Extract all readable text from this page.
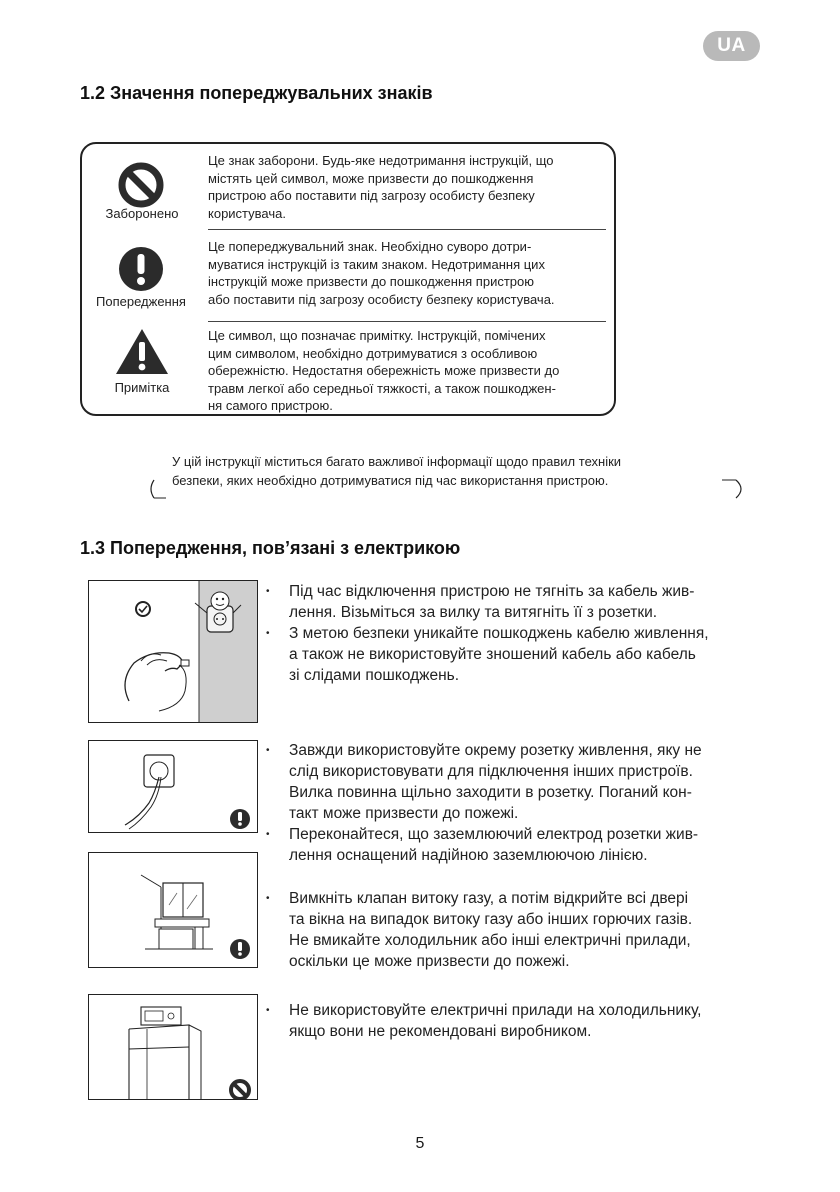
UA
1.2 Значення попереджувальних знаків
Заборонено
Це знак заборони. Будь-яке недотримання інструкцій, що
містять цей символ, може призвести до пошкодження
пристрою або поставити під загрозу особисту безпеку
користувача.
Попередження
Це попереджувальний знак. Необхідно суворо дотри-
муватися інструкцій із таким знаком. Недотримання цих
інструкцій може призвести до пошкодження пристрою
або поставити під загрозу особисту безпеку користувача.
Примітка
Це символ, що позначає примітку. Інструкцій, помічених
цим символом, необхідно дотримуватися з особливою
обережністю. Недостатня обережність може призвести до
травм легкої або середньої тяжкості, а також пошкоджен-
ня самого пристрою.
У цій інструкції міститься багато важливої інформації щодо правил техніки
безпеки, яких необхідно дотримуватися під час використання пристрою.
1.3 Попередження, пов’язані з електрикою
• Під час відключення пристрою не тягніть за кабель жив-
лення. Візьміться за вилку та витягніть її з розетки.
• З метою безпеки уникайте пошкоджень кабелю живлення,
а також не використовуйте зношений кабель або кабель
зі слідами пошкоджень.
• Завжди використовуйте окрему розетку живлення, яку не
слід використовувати для підключення інших пристроїв.
Вилка повинна щільно заходити в розетку. Поганий кон-
такт може призвести до пожежі.
• Переконайтеся, що заземлюючий електрод розетки жив-
лення оснащений надійною заземлюючою лінією.
• Вимкніть клапан витоку газу, а потім відкрийте всі двері
та вікна на випадок витоку газу або інших горючих газів.
Не вмикайте холодильник або інші електричні прилади,
оскільки це може призвести до пожежі.
• Не використовуйте електричні прилади на холодильнику,
якщо вони не рекомендовані виробником.
5
